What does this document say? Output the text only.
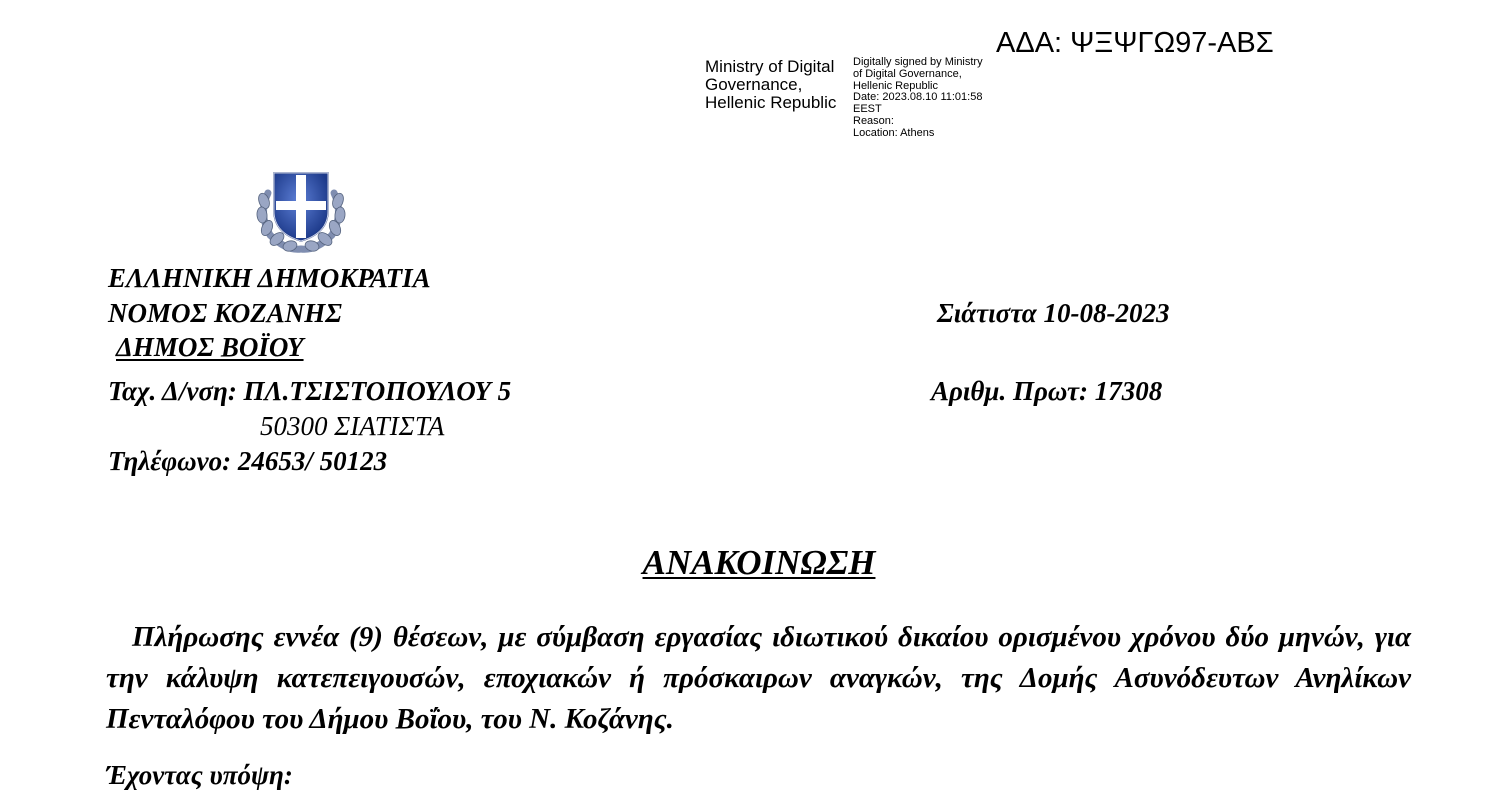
ΑΔΑ: ΨΞΨΓΩ97-ΑΒΣ
Ministry of Digital
Governance,
Hellenic Republic
Digitally signed by Ministry
of Digital Governance,
Hellenic Republic
Date: 2023.08.10 11:01:58
EEST
Reason:
Location: Athens
ΕΛΛΗΝΙΚΗ ΔΗΜΟΚΡΑΤΙΑ
ΝΟΜΟΣ ΚΟΖΑΝΗΣ
ΔΗΜΟΣ ΒΟΪΟΥ
Ταχ. Δ/νση: ΠΛ.ΤΣΙΣΤΟΠΟΥΛΟΥ 5
50300 ΣΙΑΤΙΣΤΑ
Τηλέφωνο: 24653/ 50123
Σιάτιστα 10-08-2023
Αριθμ. Πρωτ: 17308
ΑΝΑΚΟΙΝΩΣΗ
Πλήρωσης εννέα (9) θέσεων, με σύμβαση εργασίας ιδιωτικού δικαίου ορισμένου χρόνου δύο μηνών, για την κάλυψη κατεπειγουσών, εποχιακών ή πρόσκαιρων αναγκών, της Δομής Ασυνόδευτων Ανηλίκων Πενταλόφου του Δήμου Βοΐου, του Ν. Κοζάνης.
Έχοντας υπόψη:
